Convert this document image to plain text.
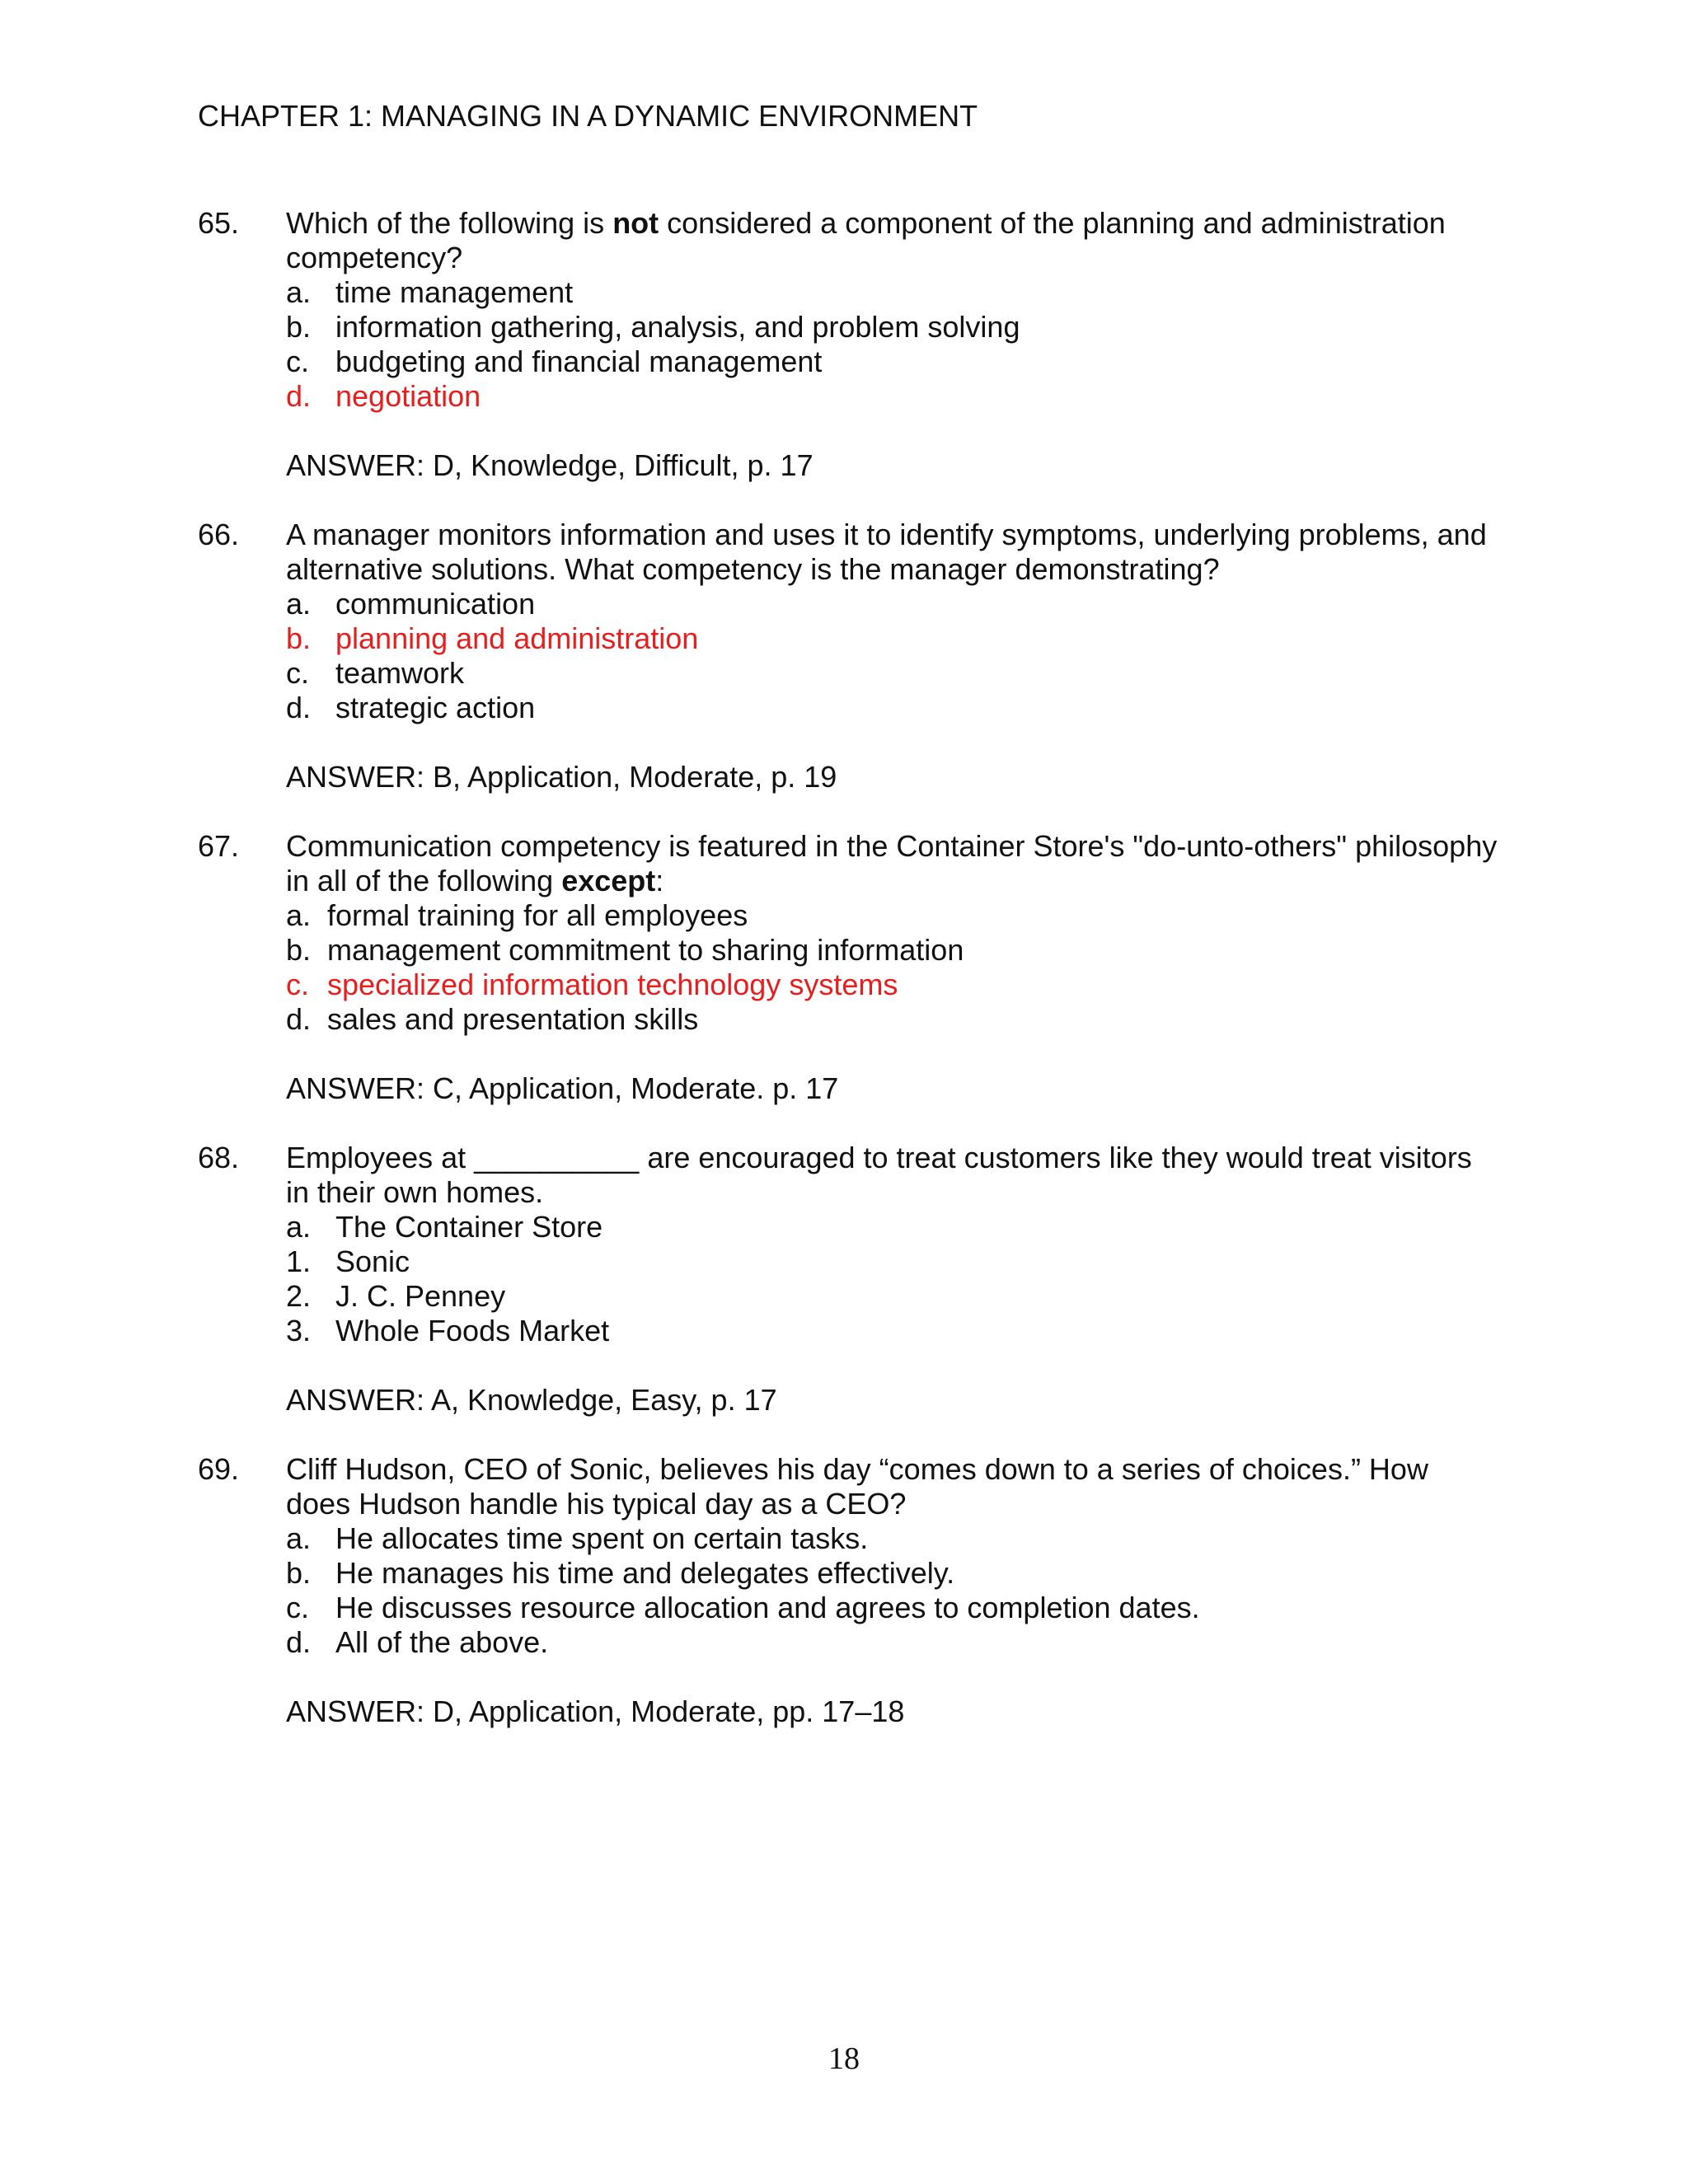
CHAPTER 1: MANAGING IN A DYNAMIC ENVIRONMENT
65.	Which of the following is not considered a component of the planning and administration competency?
a. time management
b. information gathering, analysis, and problem solving
c. budgeting and financial management
d. negotiation
ANSWER: D, Knowledge, Difficult, p. 17
66.	A manager monitors information and uses it to identify symptoms, underlying problems, and alternative solutions. What competency is the manager demonstrating?
a. communication
b. planning and administration
c. teamwork
d. strategic action
ANSWER: B, Application, Moderate, p. 19
67.	Communication competency is featured in the Container Store's "do-unto-others" philosophy in all of the following except:
a. formal training for all employees
b. management commitment to sharing information
c. specialized information technology systems
d. sales and presentation skills
ANSWER: C, Application, Moderate. p. 17
68.	Employees at __________ are encouraged to treat customers like they would treat visitors in their own homes.
a. The Container Store
1. Sonic
2. J. C. Penney
3. Whole Foods Market
ANSWER: A, Knowledge, Easy, p. 17
69.	Cliff Hudson, CEO of Sonic, believes his day “comes down to a series of choices.” How does Hudson handle his typical day as a CEO?
a. He allocates time spent on certain tasks.
b. He manages his time and delegates effectively.
c. He discusses resource allocation and agrees to completion dates.
d. All of the above.
ANSWER: D, Application, Moderate, pp. 17–18
18
